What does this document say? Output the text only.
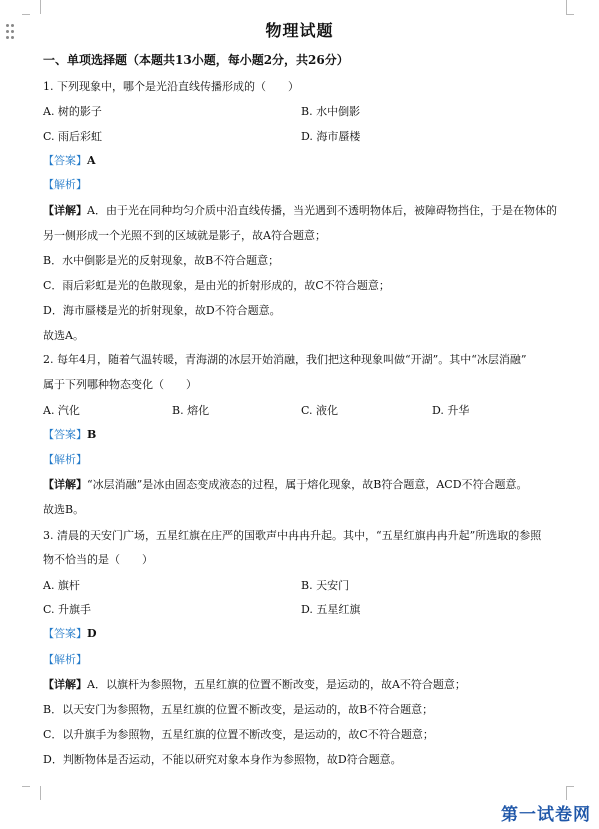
物理试题
一、单项选择题（本题共13小题，每小题2分，共26分）
1. 下列现象中，哪个是光沿直线传播形成的（　　）
A. 树的影子	B. 水中倒影
C. 雨后彩虹	D. 海市蜃楼
【答案】A
【解析】
【详解】A．由于光在同种均匀介质中沿直线传播，当光遇到不透明物体后，被障碍物挡住，于是在物体的
另一侧形成一个光照不到的区域就是影子，故A符合题意；
B．水中倒影是光的反射现象，故B不符合题意；
C．雨后彩虹是光的色散现象，是由光的折射形成的，故C不符合题意；
D．海市蜃楼是光的折射现象，故D不符合题意。
故选A。
2. 每年4月，随着气温转暖，青海湖的冰层开始消融，我们把这种现象叫做“开湖”。其中“冰层消融”
属于下列哪种物态变化（　　）
A. 汽化	B. 熔化	C. 液化	D. 升华
【答案】B
【解析】
【详解】“冰层消融”是冰由固态变成液态的过程，属于熔化现象，故B符合题意，ACD不符合题意。
故选B。
3. 清晨的天安门广场，五星红旗在庄严的国歌声中冉冉升起。其中，“五星红旗冉冉升起”所选取的参照
物不恰当的是（　　）
A. 旗杆	B. 天安门
C. 升旗手	D. 五星红旗
【答案】D
【解析】
【详解】A．以旗杆为参照物，五星红旗的位置不断改变，是运动的，故A不符合题意；
B．以天安门为参照物，五星红旗的位置不断改变，是运动的，故B不符合题意；
C．以升旗手为参照物，五星红旗的位置不断改变，是运动的，故C不符合题意；
D．判断物体是否运动，不能以研究对象本身作为参照物，故D符合题意。
第一试卷网
